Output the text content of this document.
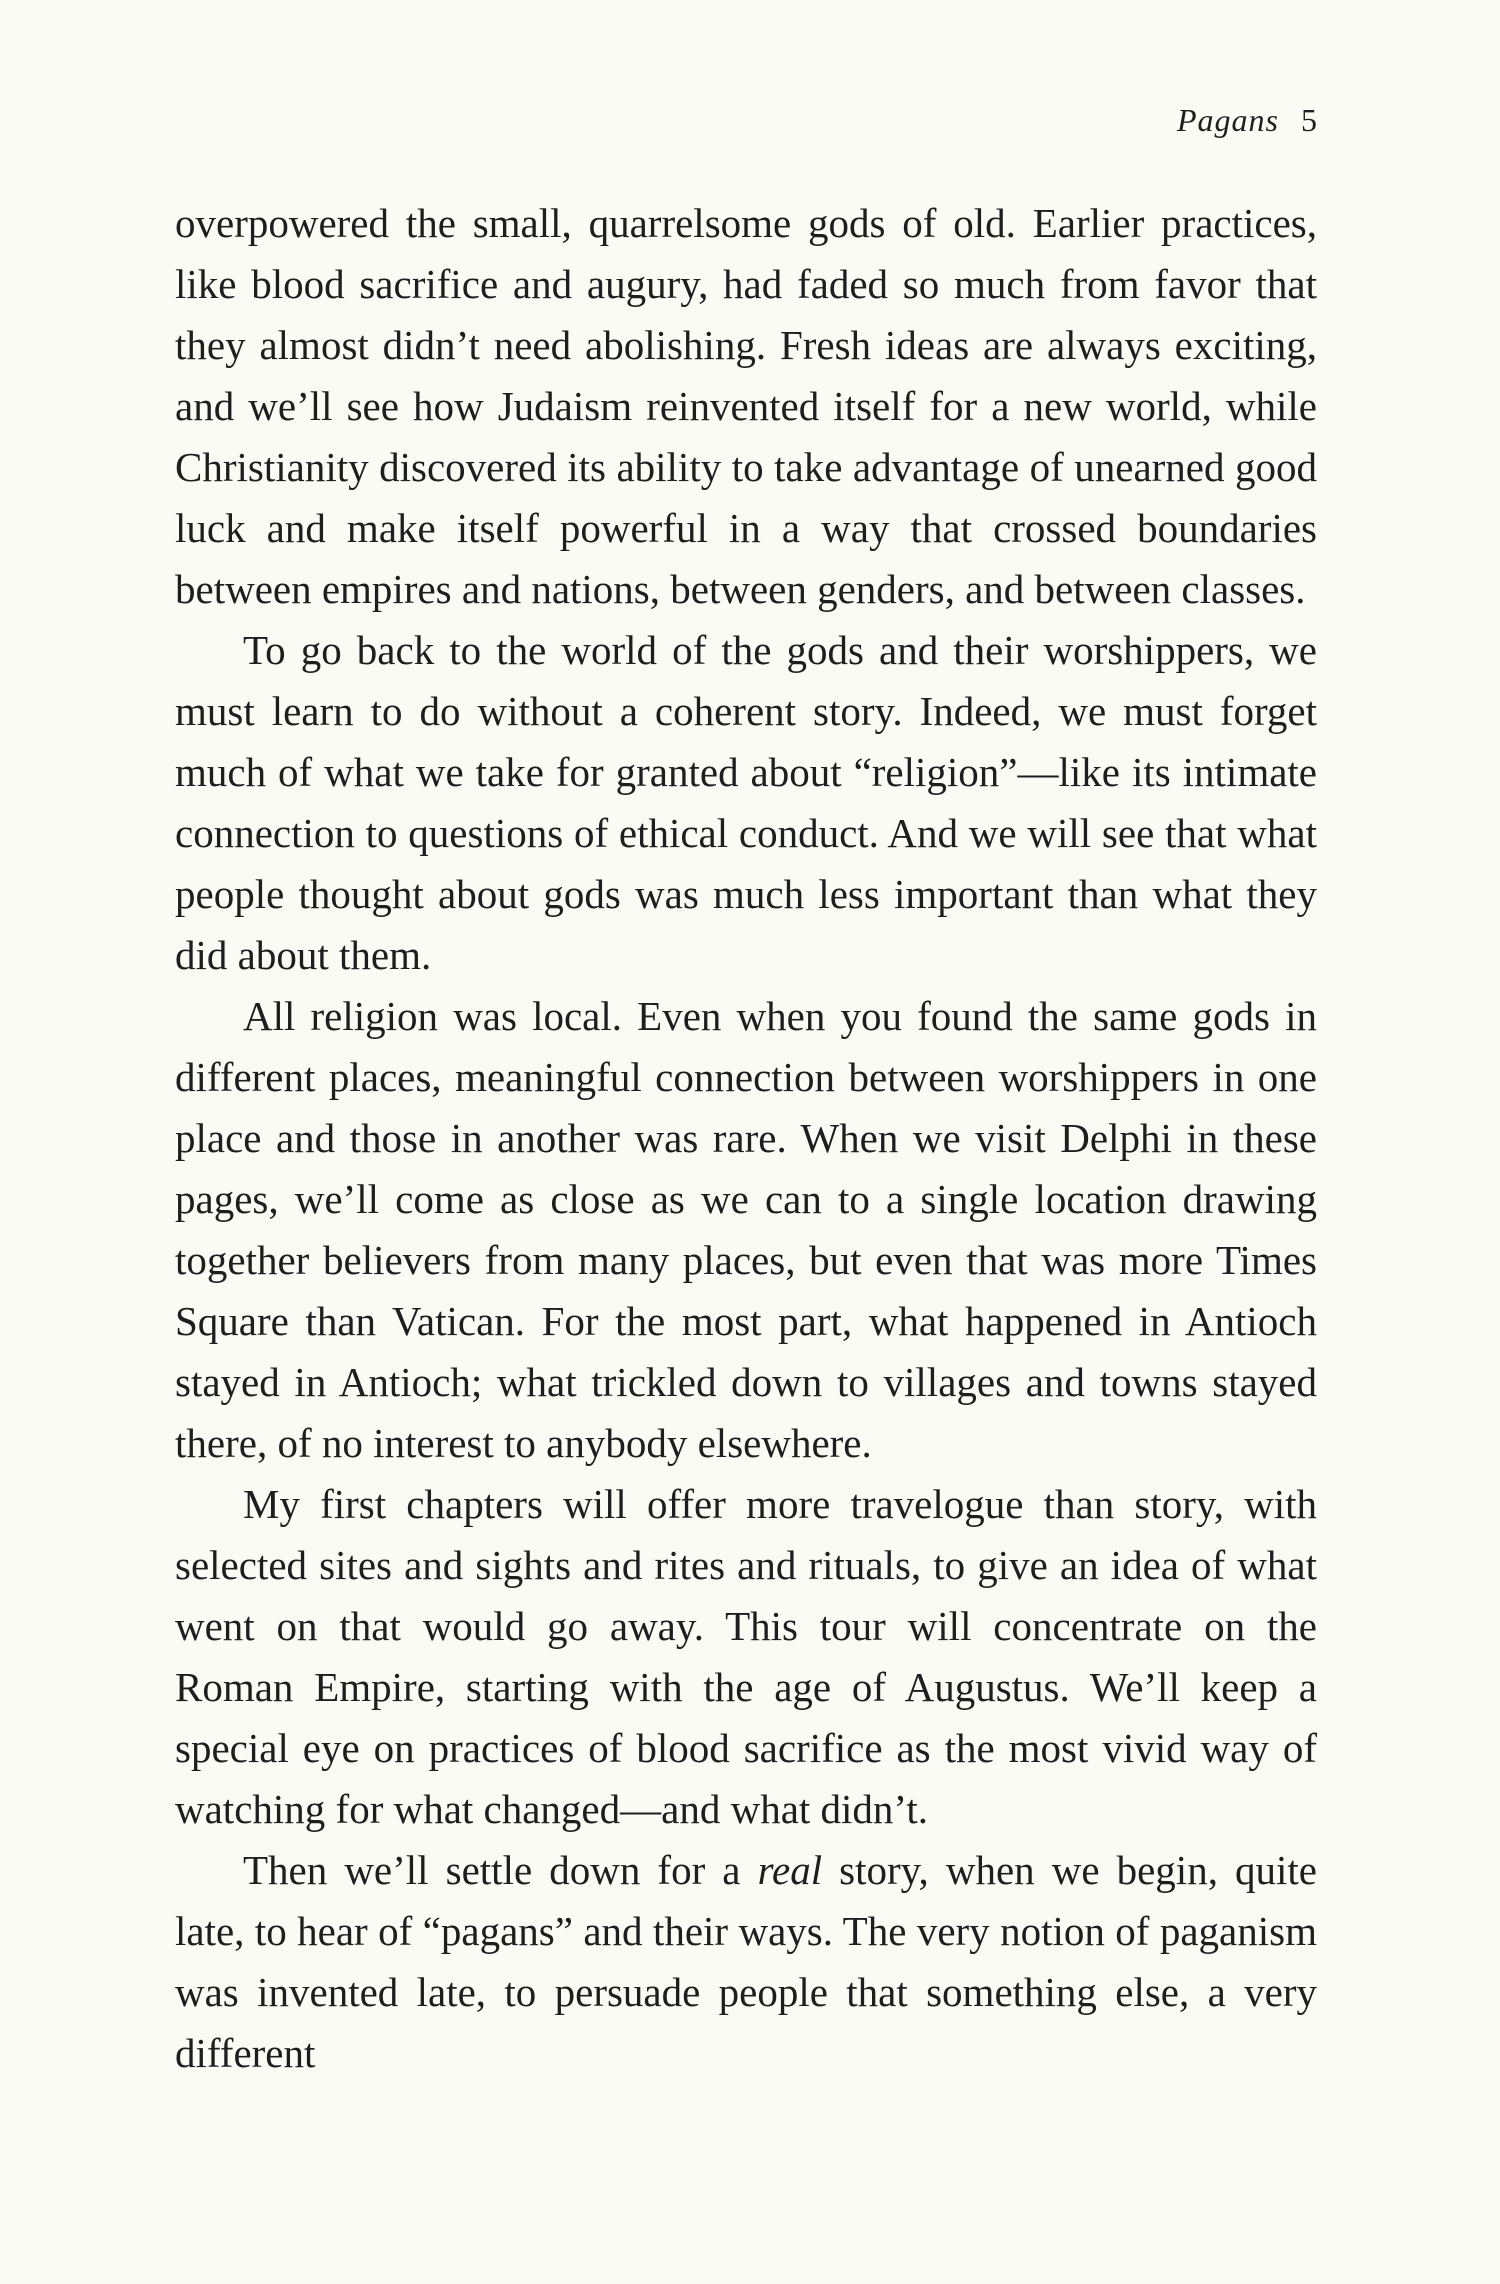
Pagans 5

overpowered the small, quarrelsome gods of old. Earlier practices, like blood sacrifice and augury, had faded so much from favor that they almost didn’t need abolishing. Fresh ideas are always exciting, and we’ll see how Judaism reinvented itself for a new world, while Christianity discovered its ability to take advantage of unearned good luck and make itself powerful in a way that crossed boundaries between empires and nations, between genders, and between classes.

To go back to the world of the gods and their worshippers, we must learn to do without a coherent story. Indeed, we must forget much of what we take for granted about “religion”—like its intimate connection to questions of ethical conduct. And we will see that what people thought about gods was much less important than what they did about them.

All religion was local. Even when you found the same gods in different places, meaningful connection between worshippers in one place and those in another was rare. When we visit Delphi in these pages, we’ll come as close as we can to a single location drawing together believers from many places, but even that was more Times Square than Vatican. For the most part, what happened in Antioch stayed in Antioch; what trickled down to villages and towns stayed there, of no interest to anybody elsewhere.

My first chapters will offer more travelogue than story, with selected sites and sights and rites and rituals, to give an idea of what went on that would go away. This tour will concentrate on the Roman Empire, starting with the age of Augustus. We’ll keep a special eye on practices of blood sacrifice as the most vivid way of watching for what changed—and what didn’t.

Then we’ll settle down for a real story, when we begin, quite late, to hear of “pagans” and their ways. The very notion of paganism was invented late, to persuade people that something else, a very different
